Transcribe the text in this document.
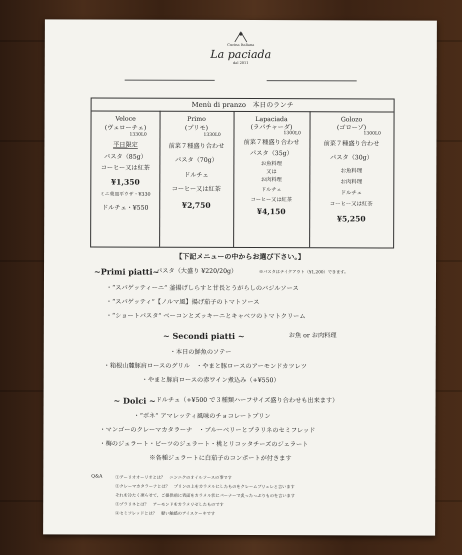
Cucina Italiana
La paciada
dal 2011
Menù di pranzo　本日のランチ
Veloce
(ヴェローチェ)
1330L0
平日限定
パスタ（85g）
コーヒー又は紅茶
¥1,350
ミニ菓皿平ウザ・¥330
ドルチェ・¥550
Primo
(プリモ)
1330L0
前菜７種盛り合わせ
パスタ（70g）
ドルチェ
コーヒー又は紅茶
¥2,750
Lapaciada
(ラパチャーダ)
1300L0
前菜７種盛り合わせ
パスタ（35g）
お魚料理
又は
お肉料理
ドルチェ
コーヒー又は紅茶
¥4,150
Golozo
(ゴローゾ)
1300L0
前菜７種盛り合わせ
パスタ（30g）
お魚料理
お肉料理
ドルチェ
コーヒー又は紅茶
¥5,250
【下記メニューの中からお選び下さい。】
~Primi piatti~
パスタ（大盛り ¥220/20g）	※パスタはテイクアウト（¥1,200）できます。
・“スパゲッティーニ” 釜揚げしらすと甘長とうがらしのバジルソース
・“スパゲッティ”【ノルマ風】揚げ茄子のトマトソース
・“ショートパスタ” ベーコンとズッキーニとキャベツのトマトクリーム
~ Secondi piatti ~	お魚 or お肉料理
・本日の鮮魚のソテー
・箱根山麓豚肩ロースのグリル　・やまと豚ロースのアーモンドカツレツ
・やまと豚肩ロースの赤ワイン煮込み（+¥550）
~ Dolci ~ ドルチェ（+¥500 で３種類ハーフサイズ盛り合わせも出来ます）
・“ボネ” アマレッティ風味のチョコレートプリン
・マンゴーのクレーマカタラーナ　・ブルーベリーとプラリネのセミフレッド
・梅のジェラート・ビーツのジェラート・桃とリコッタチーズのジェラート
※各種ジェラートに白茄子のコンポートが付きます
Q&A	①アーリオオーリオとは？　ニンニクのオイルソースの事です
②クレーマカタラーナとは？　プリンの上をカラメルにしたものをクレームブリュレと言います
それを冷たく凍らせて、ご提供前に表面をカラメル状にバーナーで炙ったっぷりものを言います
③プラリネとは？　アーモンドをカラメリゼしたものです
④セミフレッドとは？　軽い触感のアイスケーキです
